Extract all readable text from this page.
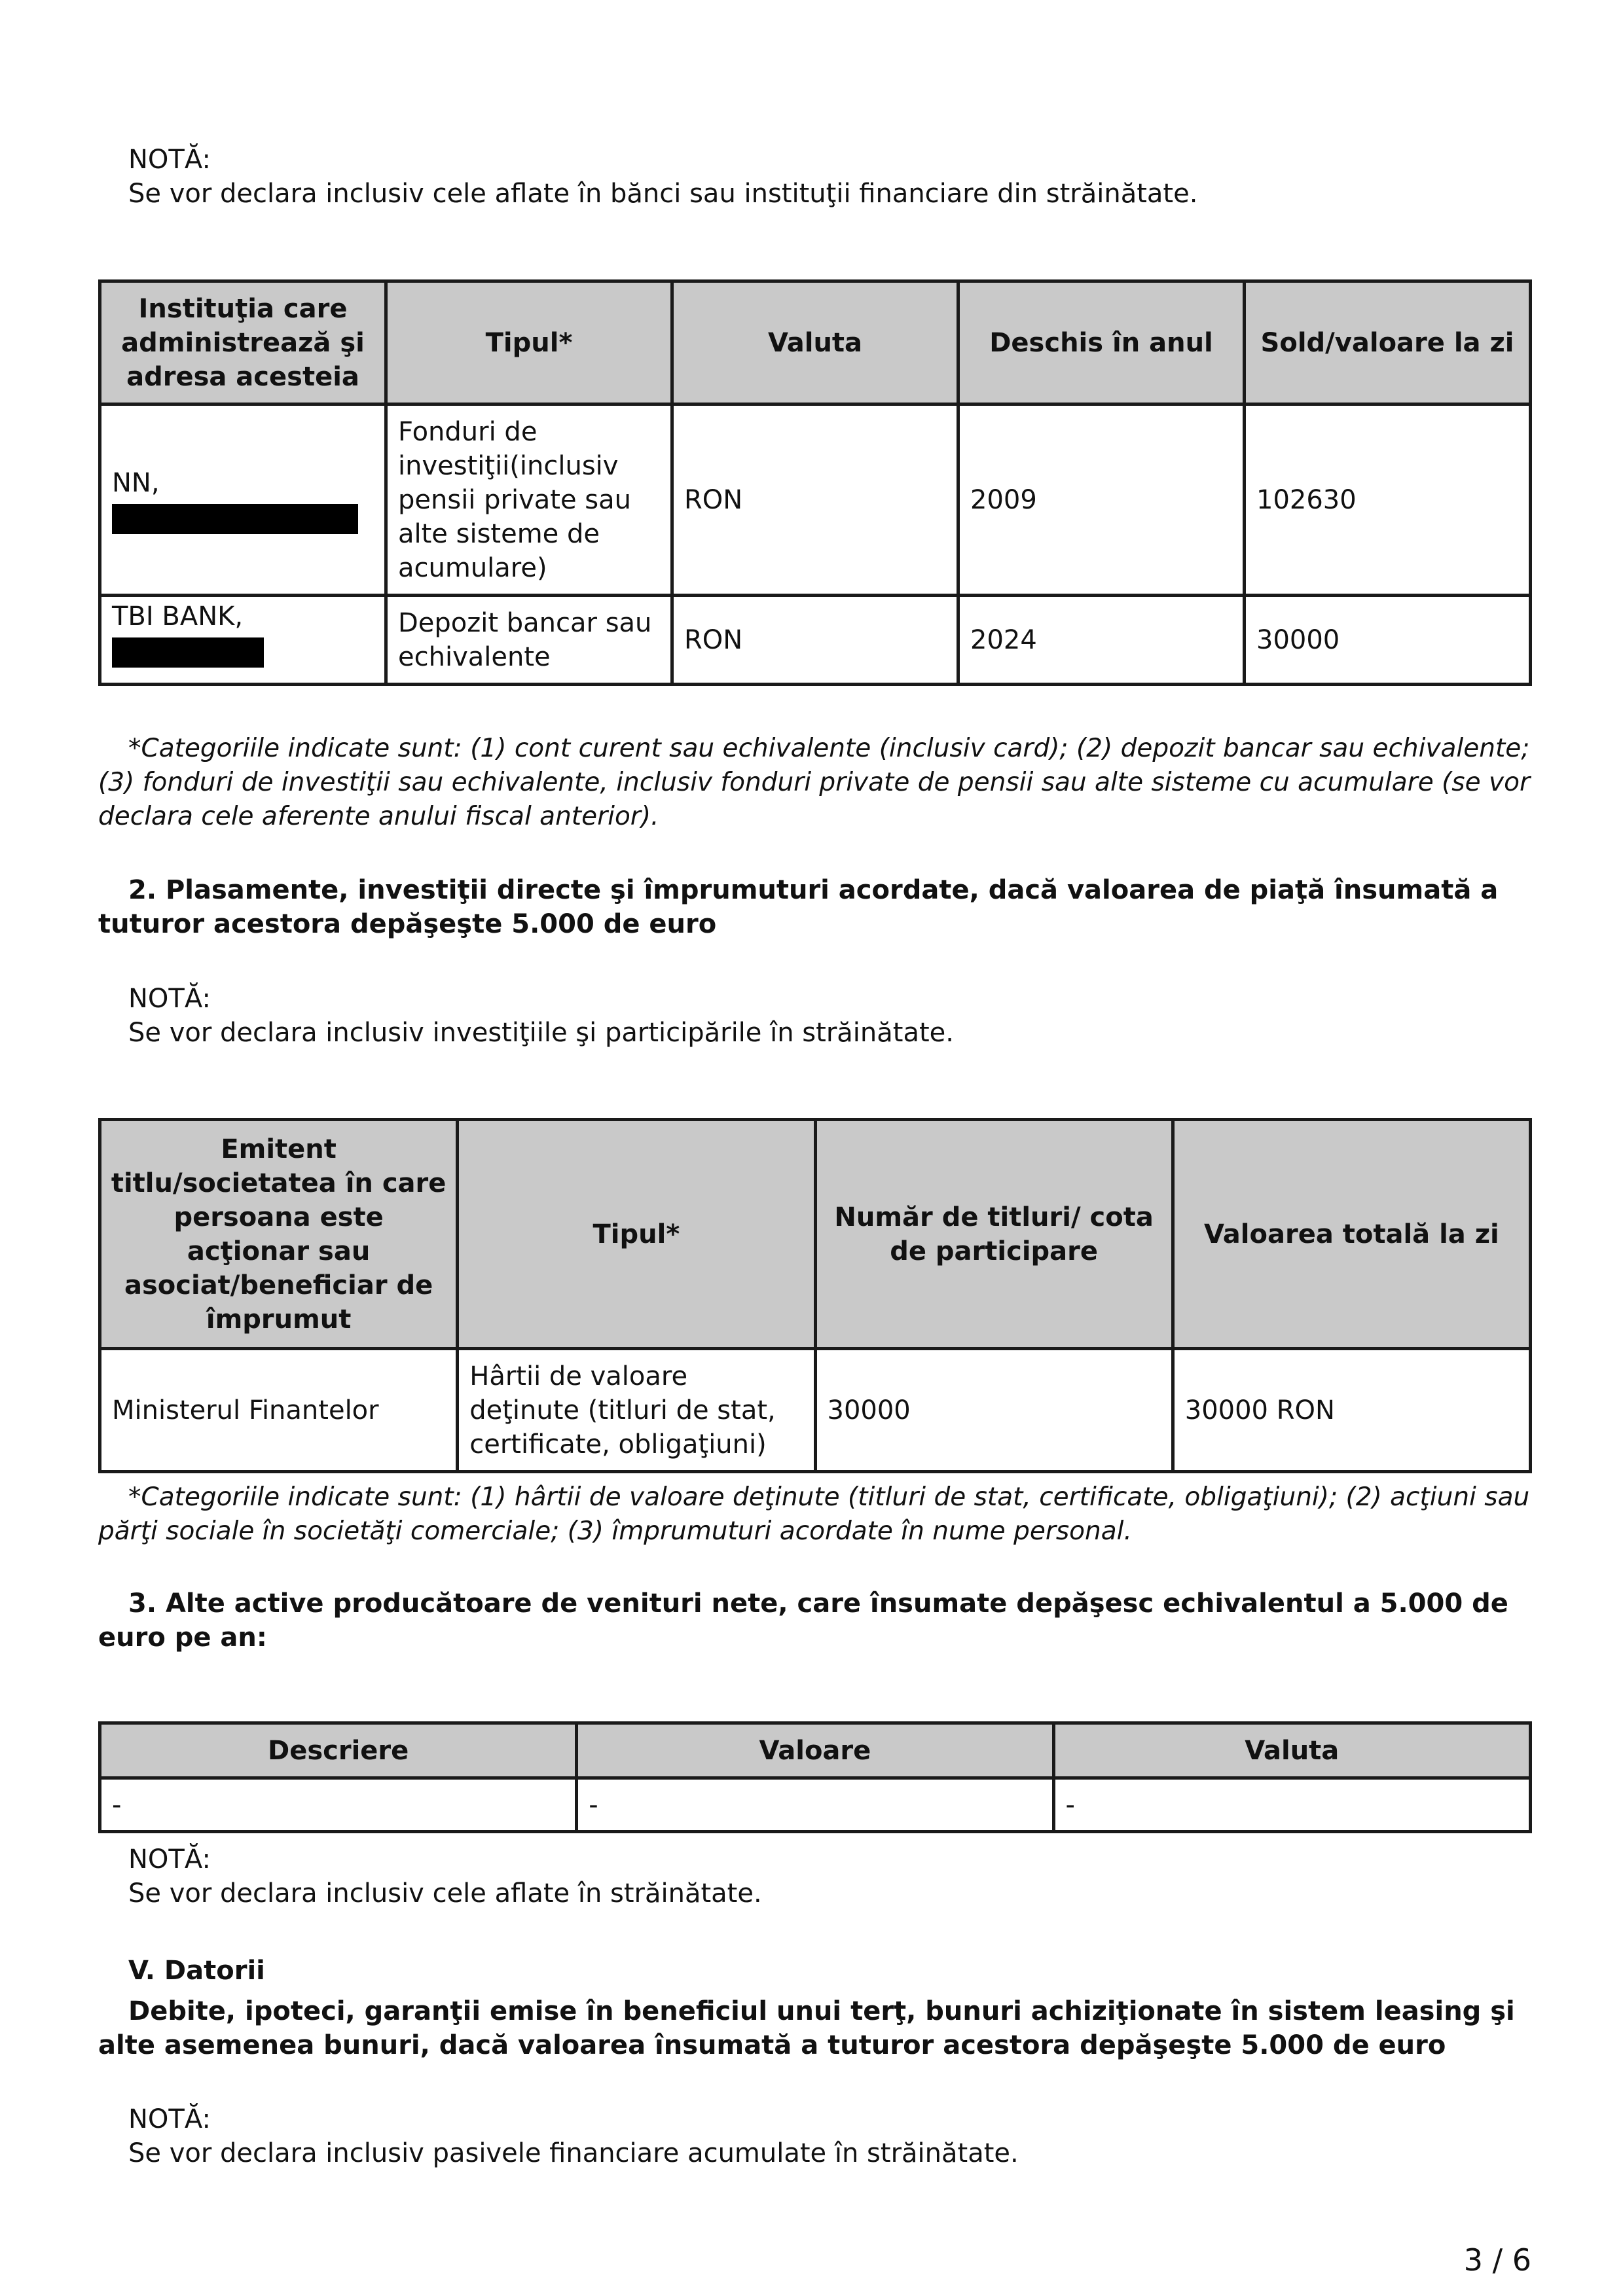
NOTĂ:
Se vor declara inclusiv cele aflate în bănci sau instituţii financiare din străinătate.
Instituţia care administrează şi adresa acesteia	Tipul*	Valuta	Deschis în anul	Sold/valoare la zi
NN,	Fonduri de investiţii(inclusiv pensii private sau alte sisteme de acumulare)	RON	2009	102630
TBI BANK,	Depozit bancar sau echivalente	RON	2024	30000
*Categoriile indicate sunt: (1) cont curent sau echivalente (inclusiv card); (2) depozit bancar sau echivalente; (3) fonduri de investiţii sau echivalente, inclusiv fonduri private de pensii sau alte sisteme cu acumulare (se vor declara cele aferente anului fiscal anterior).
2. Plasamente, investiţii directe şi împrumuturi acordate, dacă valoarea de piaţă însumată a tuturor acestora depăşeşte 5.000 de euro
NOTĂ:
Se vor declara inclusiv investiţiile şi participările în străinătate.
Emitent titlu/societatea în care persoana este acţionar sau asociat/beneficiar de împrumut	Tipul*	Număr de titluri/ cota de participare	Valoarea totală la zi
Ministerul Finantelor	Hârtii de valoare deţinute (titluri de stat, certificate, obligaţiuni)	30000	30000 RON
*Categoriile indicate sunt: (1) hârtii de valoare deţinute (titluri de stat, certificate, obligaţiuni); (2) acţiuni sau părţi sociale în societăţi comerciale; (3) împrumuturi acordate în nume personal.
3. Alte active producătoare de venituri nete, care însumate depăşesc echivalentul a 5.000 de euro pe an:
Descriere	Valoare	Valuta
-	-	-
NOTĂ:
Se vor declara inclusiv cele aflate în străinătate.
V. Datorii
Debite, ipoteci, garanţii emise în beneficiul unui terţ, bunuri achiziţionate în sistem leasing şi alte asemenea bunuri, dacă valoarea însumată a tuturor acestora depăşeşte 5.000 de euro
NOTĂ:
Se vor declara inclusiv pasivele financiare acumulate în străinătate.
3 / 6
